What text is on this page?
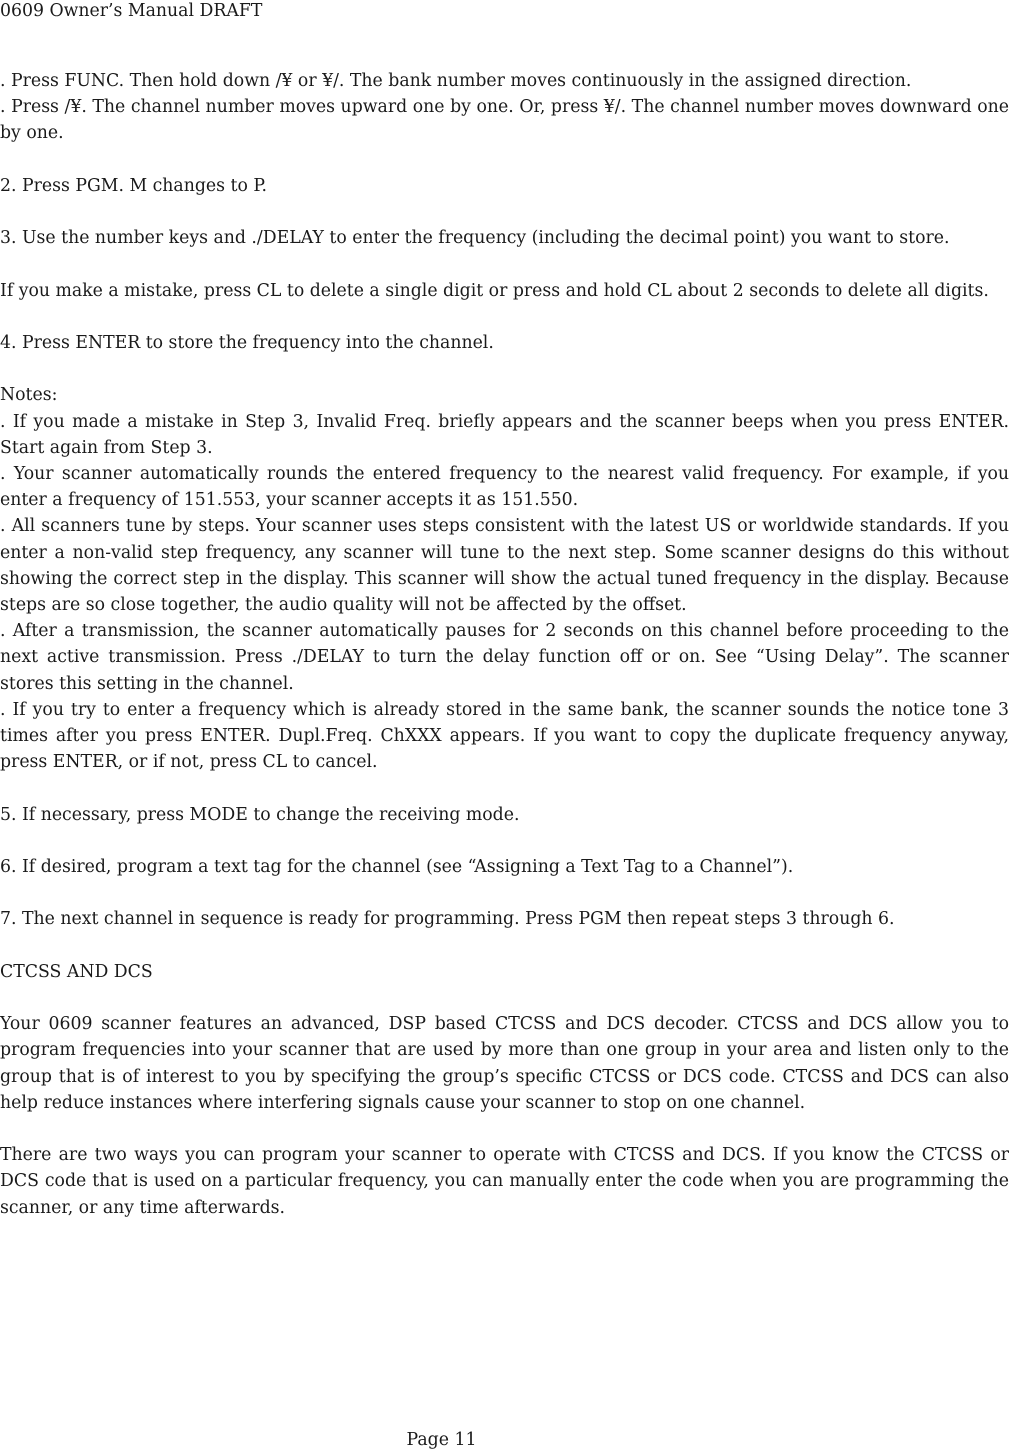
0609 Owner’s Manual DRAFT

. Press FUNC. Then hold down /¥ or ¥/. The bank number moves continuously in the assigned direction.

. Press /¥. The channel number moves upward one by one. Or, press ¥/. The channel number moves downward one by one.

2. Press PGM. M changes to P.

3. Use the number keys and ./DELAY to enter the frequency (including the decimal point) you want to store.

If you make a mistake, press CL to delete a single digit or press and hold CL about 2 seconds to delete all digits.

4. Press ENTER to store the frequency into the channel.

Notes:

. If you made a mistake in Step 3, Invalid Freq. briefly appears and the scanner beeps when you press ENTER. Start again from Step 3.

. Your scanner automatically rounds the entered frequency to the nearest valid frequency. For example, if you enter a frequency of 151.553, your scanner accepts it as 151.550.

. All scanners tune by steps. Your scanner uses steps consistent with the latest US or worldwide standards. If you enter a non-valid step frequency, any scanner will tune to the next step. Some scanner designs do this without showing the correct step in the display. This scanner will show the actual tuned frequency in the display. Because steps are so close together, the audio quality will not be affected by the offset.

. After a transmission, the scanner automatically pauses for 2 seconds on this channel before proceeding to the next active transmission. Press ./DELAY to turn the delay function off or on. See “Using Delay”. The scanner stores this setting in the channel.

. If you try to enter a frequency which is already stored in the same bank, the scanner sounds the notice tone 3 times after you press ENTER. Dupl.Freq. ChXXX appears. If you want to copy the duplicate frequency anyway, press ENTER, or if not, press CL to cancel.

5. If necessary, press MODE to change the receiving mode.

6. If desired, program a text tag for the channel (see “Assigning a Text Tag to a Channel”).

7. The next channel in sequence is ready for programming. Press PGM then repeat steps 3 through 6.

CTCSS AND DCS

Your 0609 scanner features an advanced, DSP based CTCSS and DCS decoder. CTCSS and DCS allow you to program frequencies into your scanner that are used by more than one group in your area and listen only to the group that is of interest to you by specifying the group’s specific CTCSS or DCS code. CTCSS and DCS can also help reduce instances where interfering signals cause your scanner to stop on one channel.

There are two ways you can program your scanner to operate with CTCSS and DCS. If you know the CTCSS or DCS code that is used on a particular frequency, you can manually enter the code when you are programming the scanner, or any time afterwards.

Page 11
